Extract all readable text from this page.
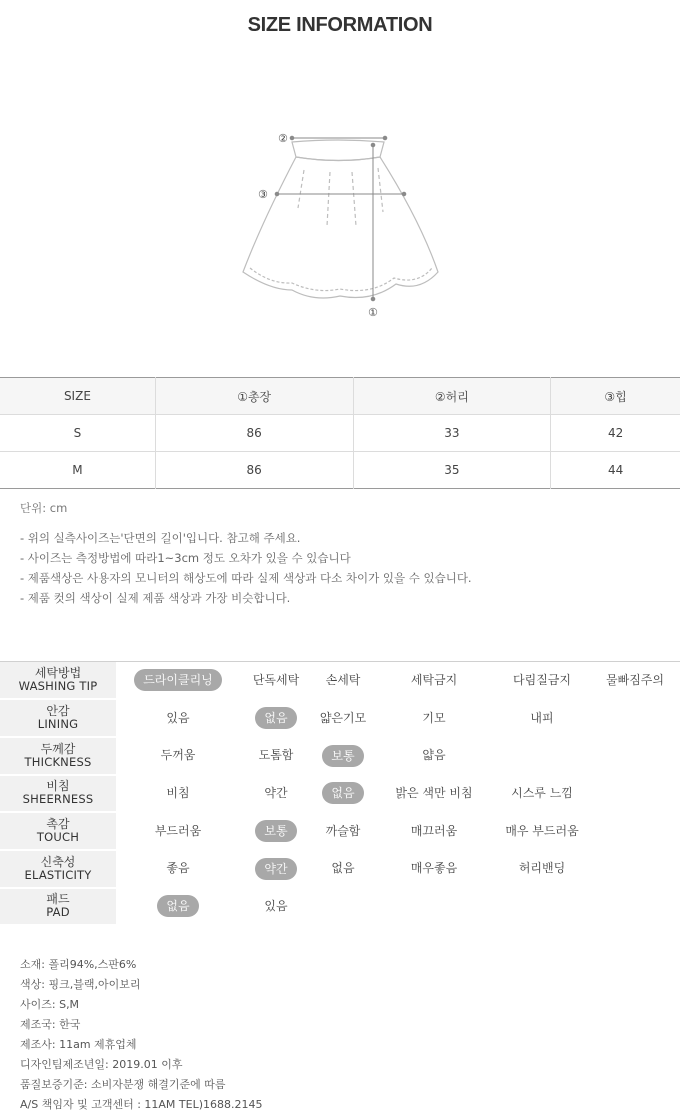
SIZE INFORMATION
②
③
①
SIZE	①총장	②허리	③힙
S	86	33	42
M	86	35	44
단위: cm
- 위의 실측사이즈는'단면의 길이'입니다. 참고해 주세요.
- 사이즈는 측정방법에 따라1~3cm 정도 오차가 있을 수 있습니다
- 제품색상은 사용자의 모니터의 해상도에 따라 실제 색상과 다소 차이가 있을 수 있습니다.
- 제품 컷의 색상이 실제 제품 색상과 가장 비슷합니다.
세탁방법
WASHING TIP	드라이클리닝	단독세탁	손세탁	세탁금지	다림질금지	물빠짐주의
안감
LINING	있음	없음	얇은기모	기모	내피	
두께감
THICKNESS	두꺼움	도톰함	보통	얇음		
비침
SHEERNESS	비침	약간	없음	밝은 색만 비침	시스루 느낌	
촉감
TOUCH	부드러움	보통	까슬함	매끄러움	매우 부드러움	
신축성
ELASTICITY	좋음	약간	없음	매우좋음	허리밴딩	
패드
PAD	없음	있음				
소재: 폴리94%,스판6%
색상: 핑크,블랙,아이보리
사이즈: S,M
제조국: 한국
제조사: 11am 제휴업체
디자인팀제조년일: 2019.01 이후
품질보증기준: 소비자분쟁 해결기준에 따름
A/S 책임자 및 고객센터 : 11AM TEL)1688.2145
